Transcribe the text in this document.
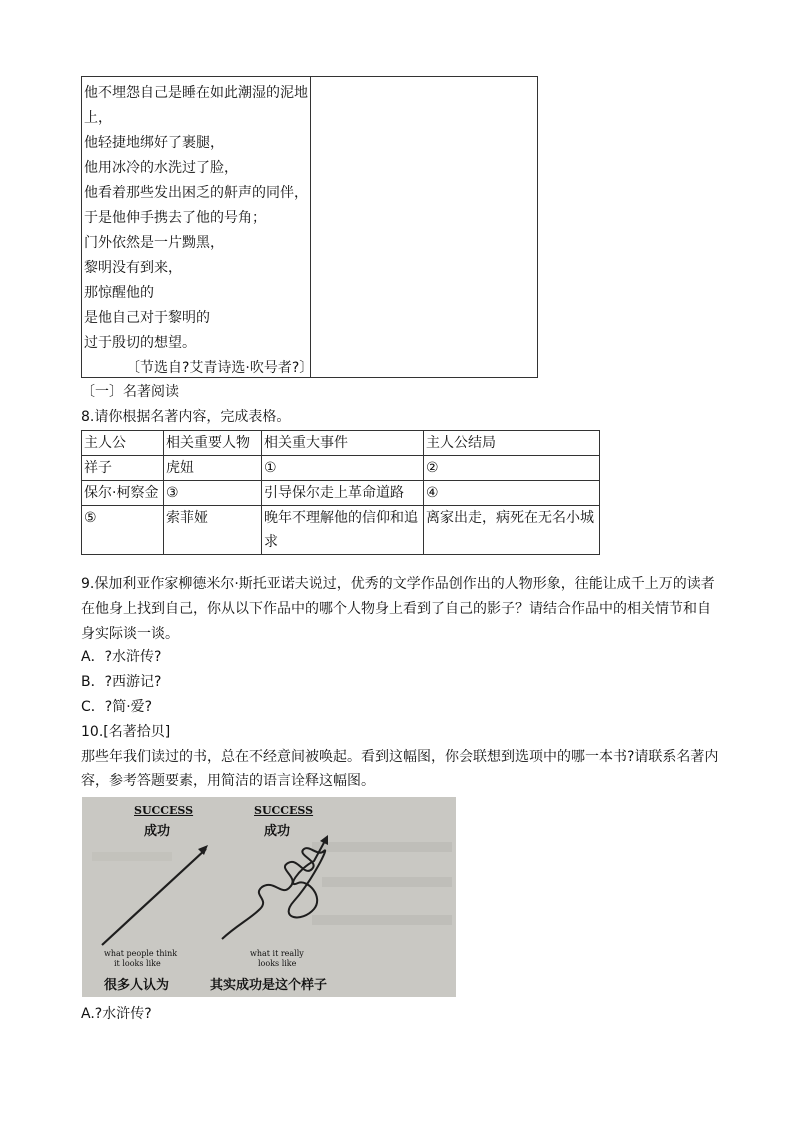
他不埋怨自己是睡在如此潮湿的泥地
上，
他轻捷地绑好了裹腿，
他用冰冷的水洗过了脸，
他看着那些发出困乏的鼾声的同伴，
于是他伸手携去了他的号角；
门外依然是一片黝黑，
黎明没有到来，
那惊醒他的
是他自己对于黎明的
过于殷切的想望。
〔节选自?艾青诗选·吹号者?〕
〔一〕名著阅读
8.请你根据名著内容，完成表格。
主人公	相关重要人物	相关重大事件	主人公结局
祥子	虎妞	①	②
保尔·柯察金	③	引导保尔走上革命道路	④
⑤	索菲娅	晚年不理解他的信仰和追求	离家出走，病死在无名小城
9.保加利亚作家柳德米尔·斯托亚诺夫说过，优秀的文学作品创作出的人物形象，往能让成千上万的读者在他身上找到自己，你从以下作品中的哪个人物身上看到了自己的影子？请结合作品中的相关情节和自身实际谈一谈。
A．?水浒传?
B．?西游记?
C．?简·爱?
10.[名著拾贝]
那些年我们读过的书，总在不经意间被唤起。看到这幅图，你会联想到选项中的哪一本书?请联系名著内
容，参考答题要素，用简洁的语言诠释这幅图。
SUCCESS
成功
SUCCESS
成功
what people think
it looks like
what it really
looks like
很多人认为	其实成功是这个样子
A.?水浒传?
